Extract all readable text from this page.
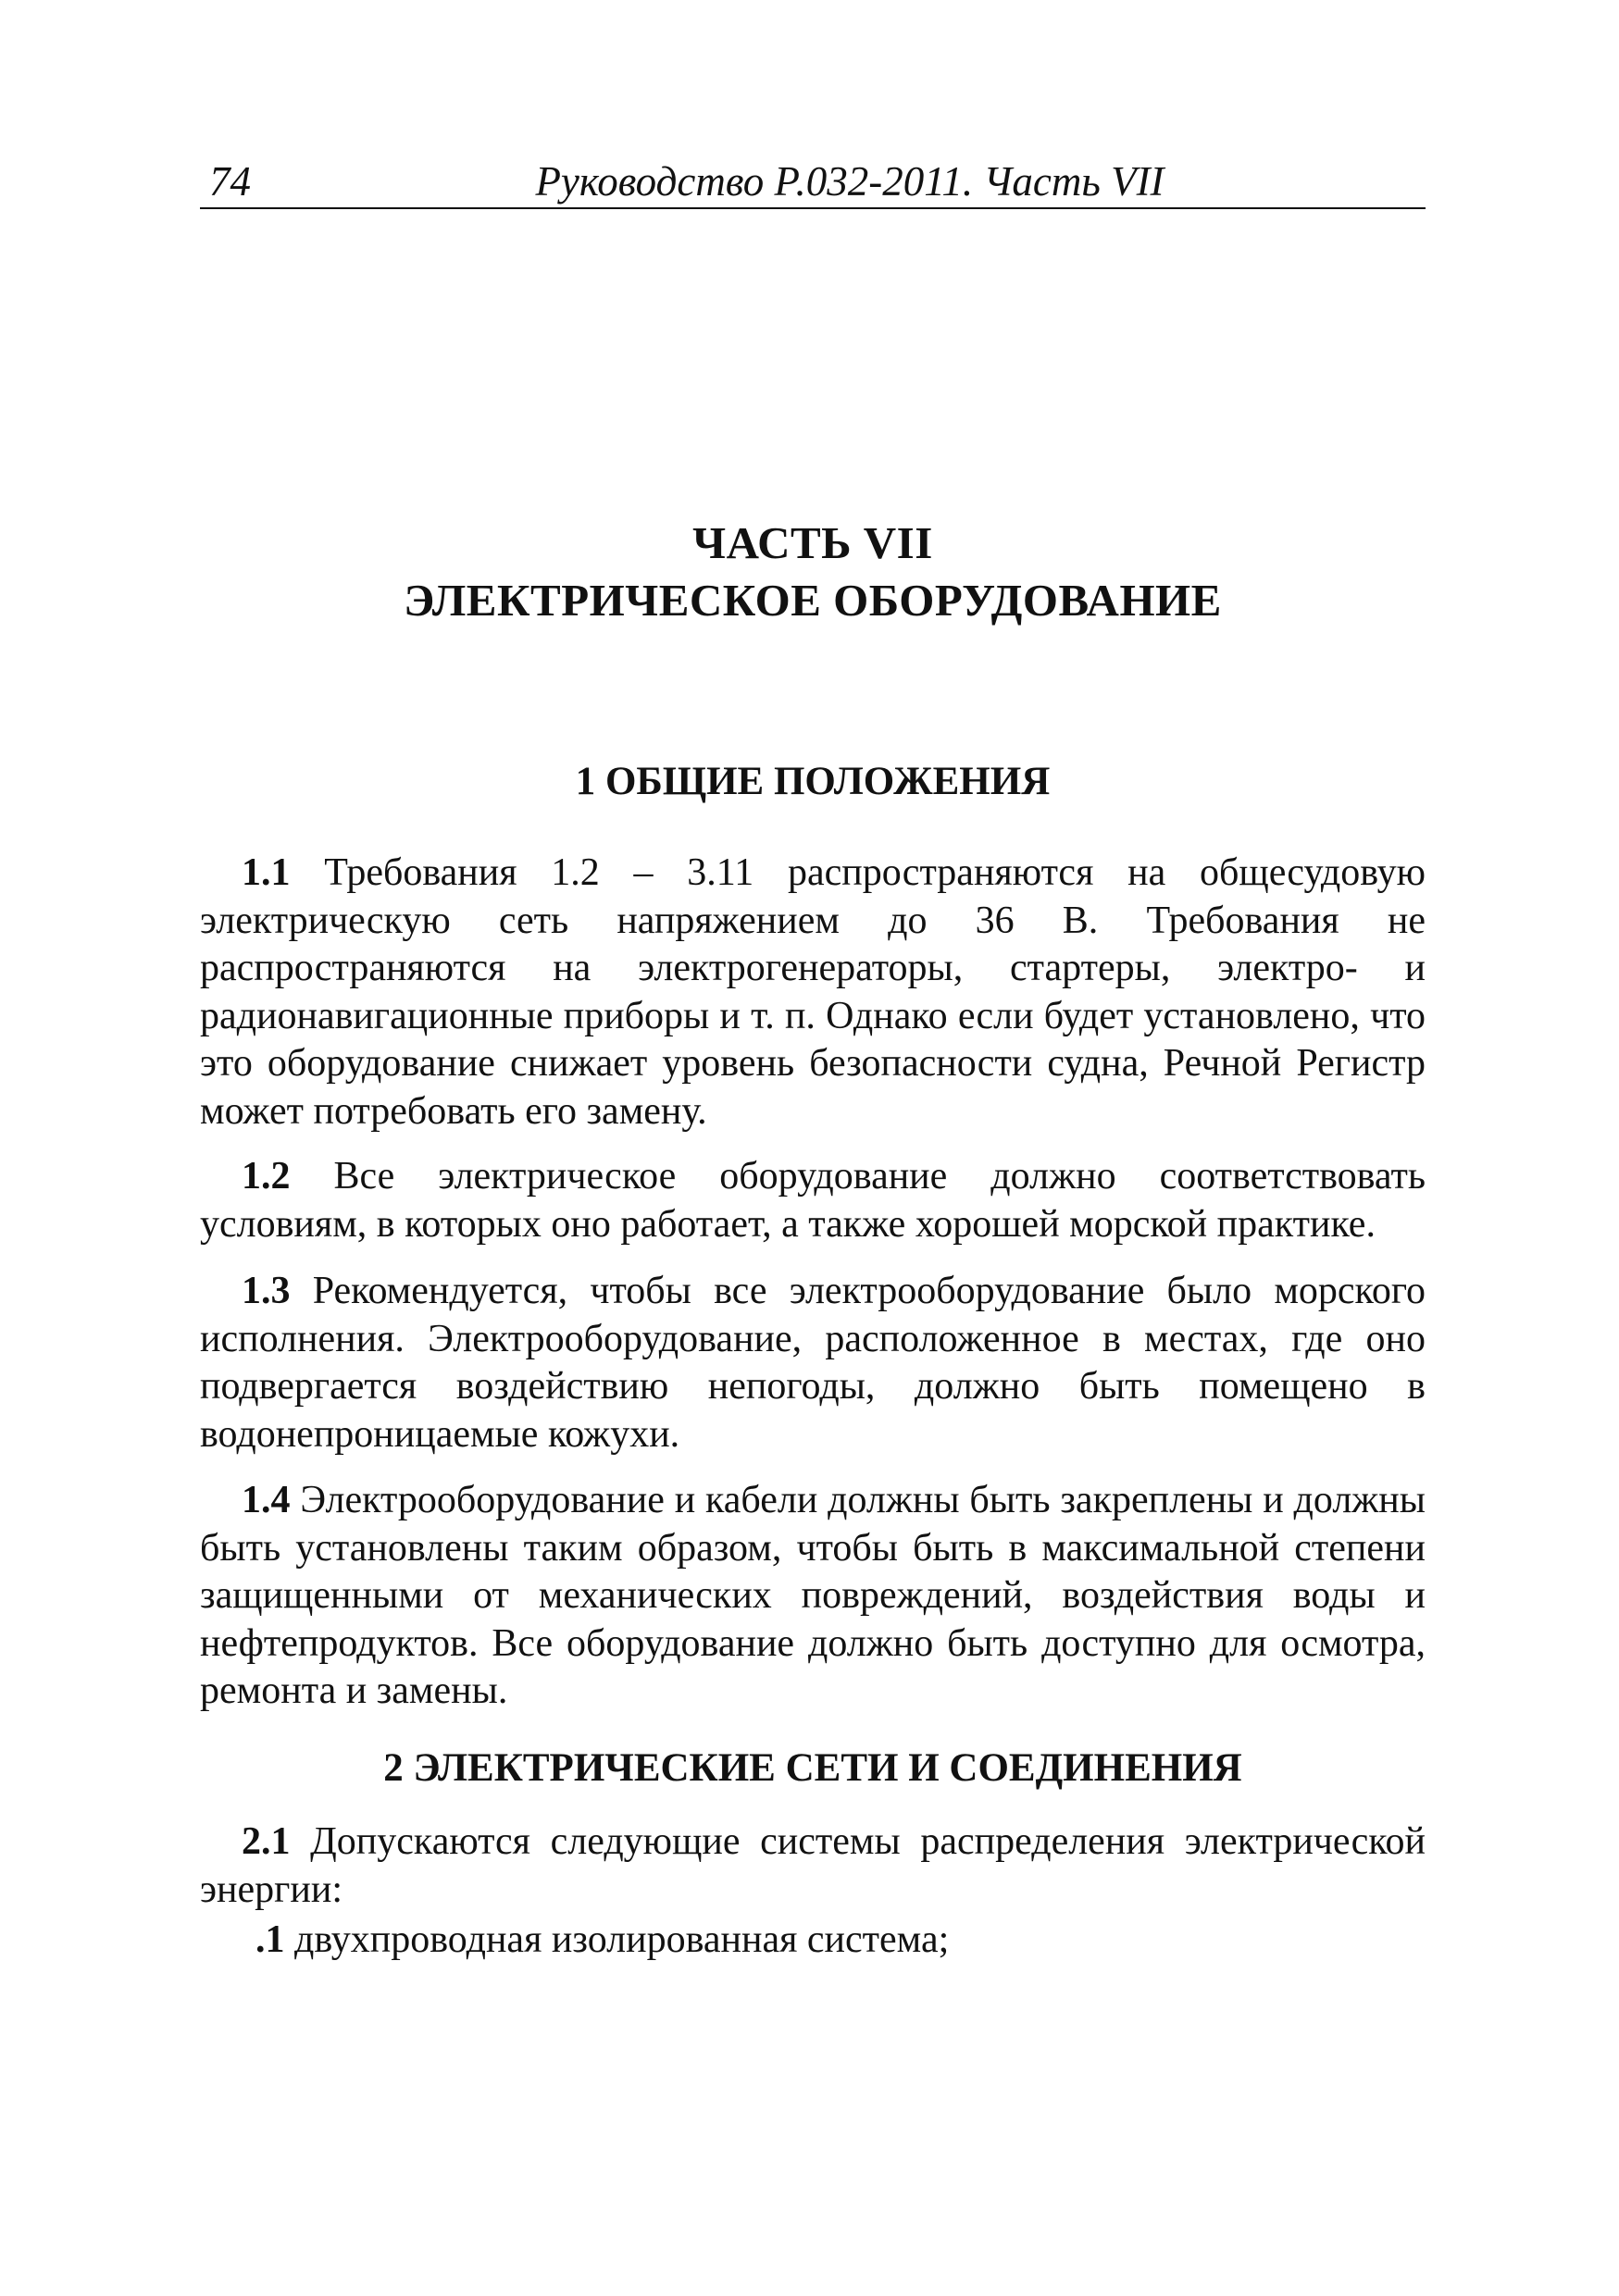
74	Руководство Р.032-2011. Часть VII
ЧАСТЬ VII
ЭЛЕКТРИЧЕСКОЕ ОБОРУДОВАНИЕ
1 ОБЩИЕ ПОЛОЖЕНИЯ

1.1 Требования 1.2 – 3.11 распространяются на общесудовую электрическую сеть напряжением до 36 В. Требования не распространяются на электрогенераторы, стартеры, электро- и радионавигационные приборы и т. п. Однако если будет установлено, что это оборудование снижает уровень безопасности судна, Речной Регистр может потребовать его замену.

1.2 Все электрическое оборудование должно соответствовать условиям, в которых оно работает, а также хорошей морской практике.

1.3 Рекомендуется, чтобы все электрооборудование было морского исполнения. Электрооборудование, расположенное в местах, где оно подвергается воздействию непогоды, должно быть помещено в водонепроницаемые кожухи.

1.4 Электрооборудование и кабели должны быть закреплены и должны быть установлены таким образом, чтобы быть в максимальной степени защищенными от механических повреждений, воздействия воды и нефтепродуктов. Все оборудование должно быть доступно для осмотра, ремонта и замены.

2 ЭЛЕКТРИЧЕСКИЕ СЕТИ И СОЕДИНЕНИЯ

2.1 Допускаются следующие системы распределения электрической энергии:

.1 двухпроводная изолированная система;
